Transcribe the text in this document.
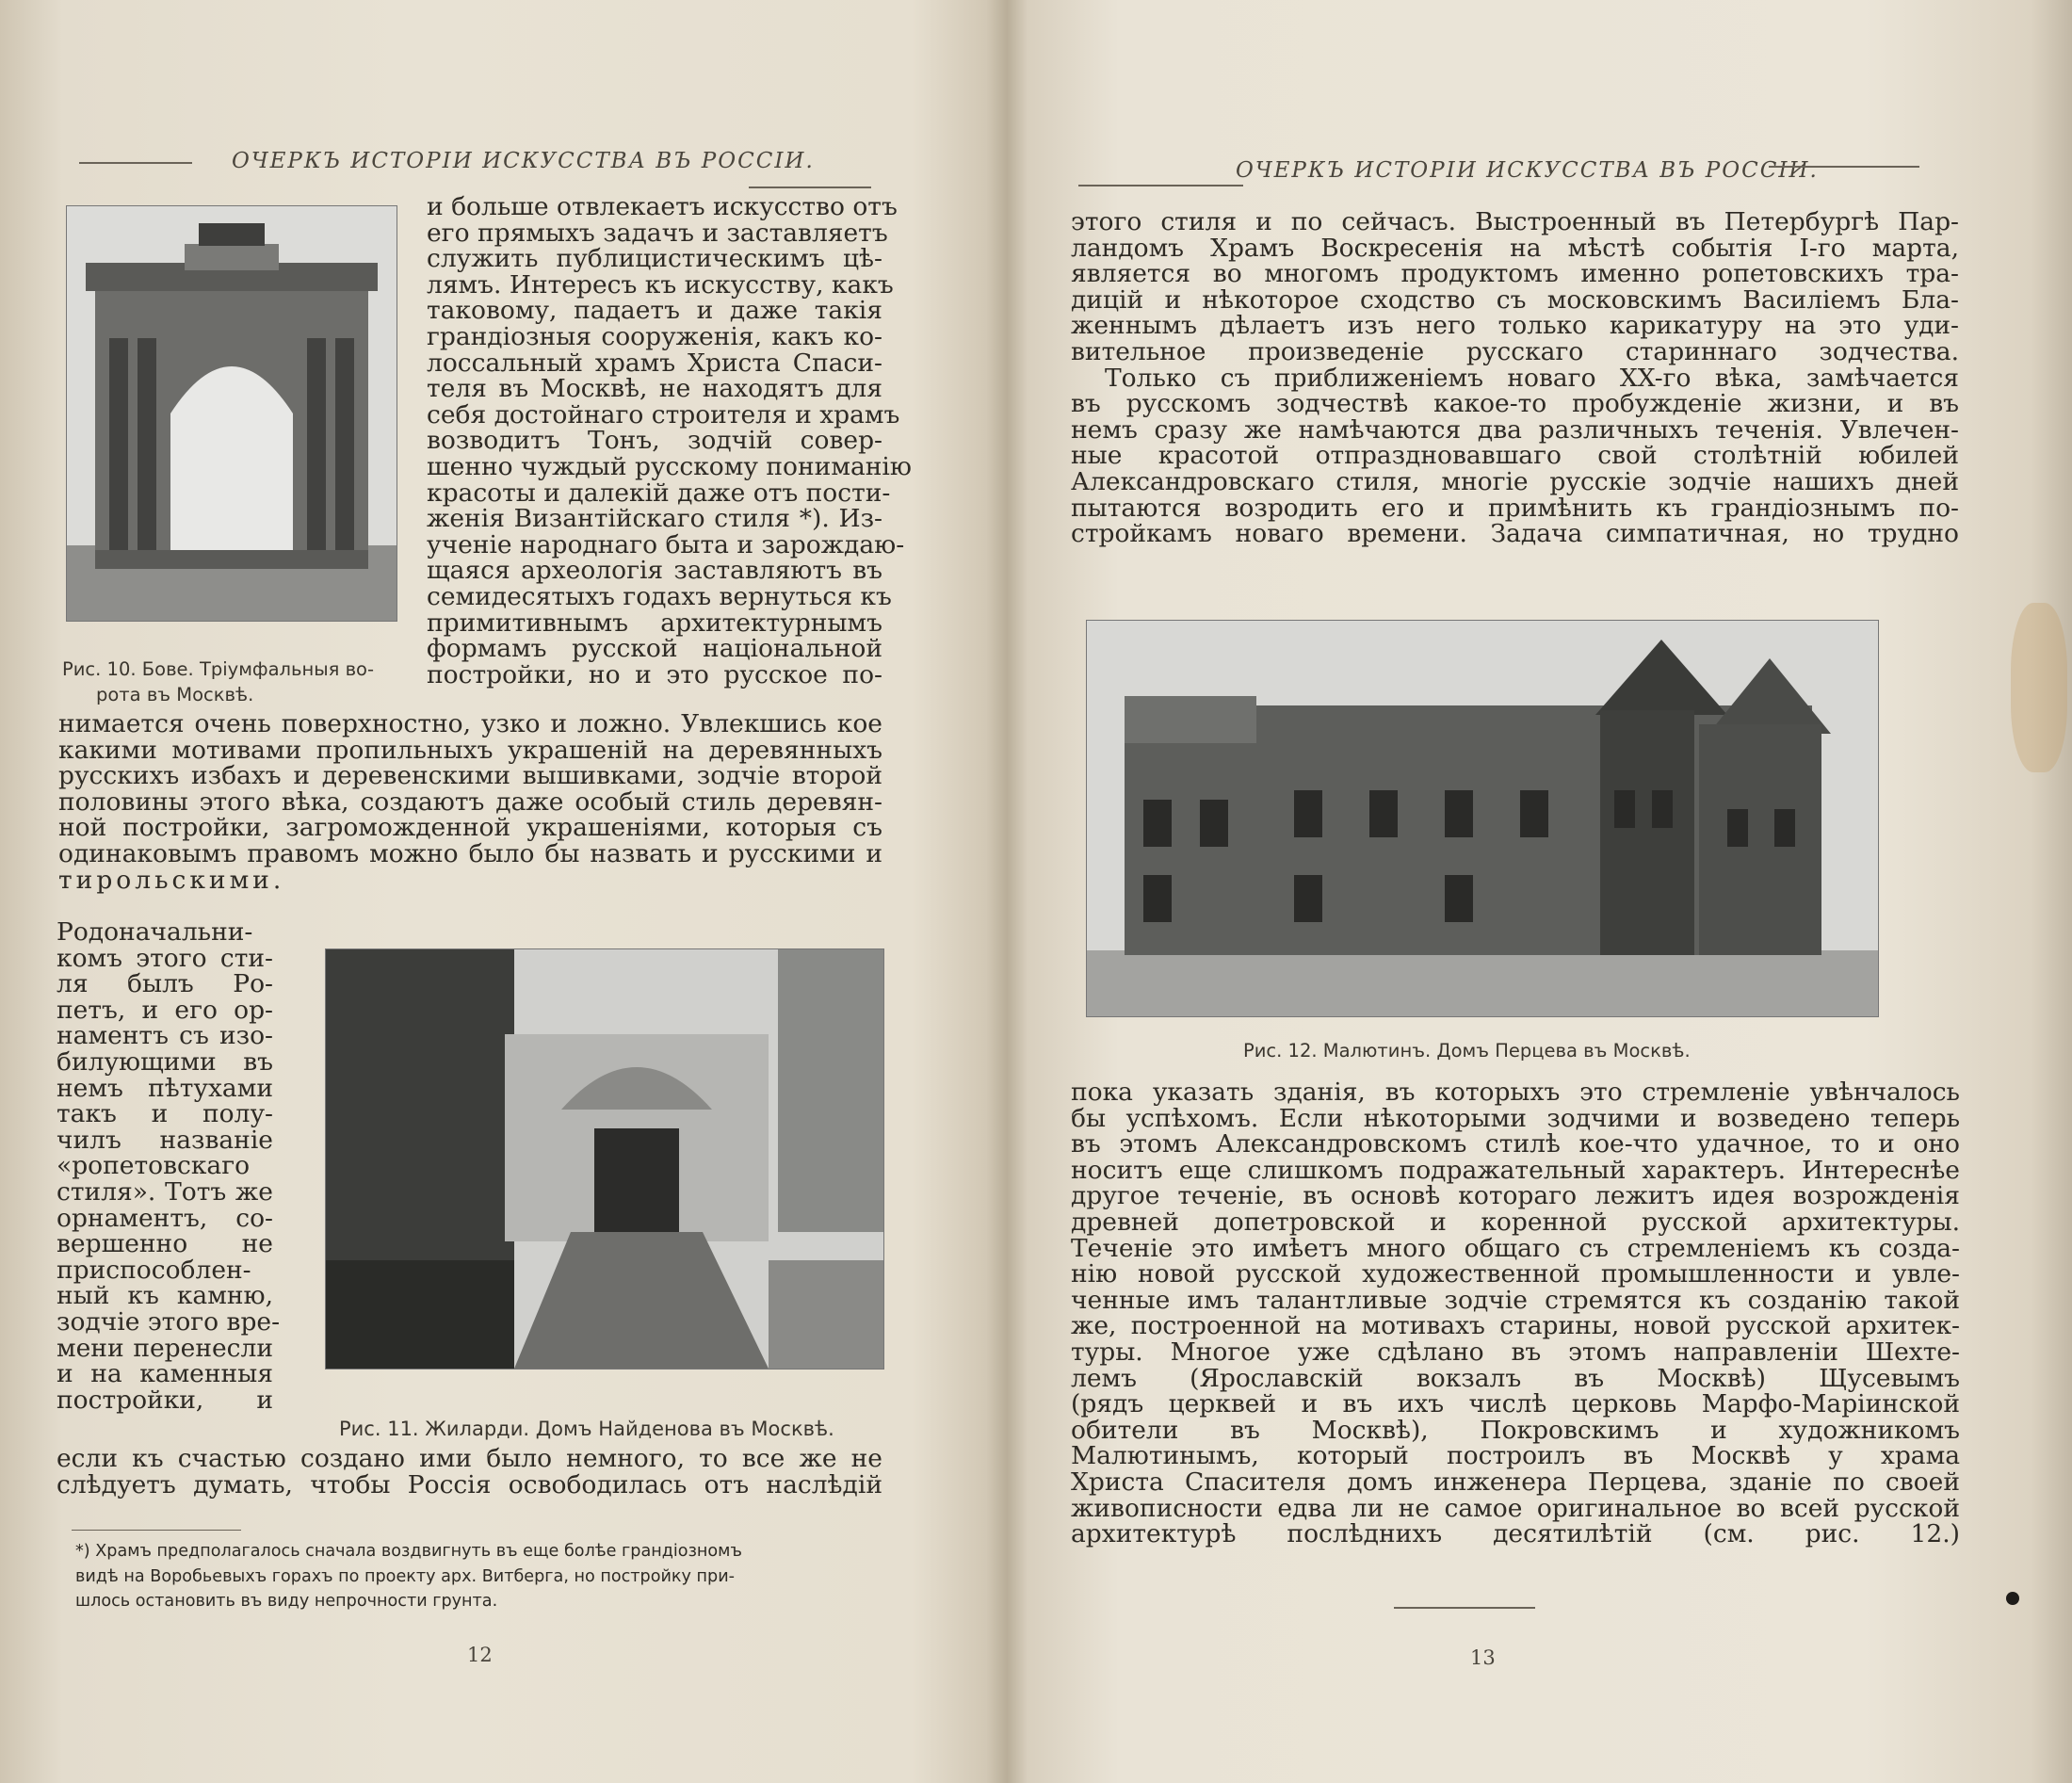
ОЧЕРКЪ ИСТОРІИ ИСКУССТВА ВЪ РОССІИ.
Рис. 10. Бове. Тріумфальныя во-
рота въ Москвѣ.
и больше отвлекаетъ искусство отъ
его прямыхъ задачъ и заставляетъ
служить публицистическимъ цѣ-
лямъ. Интересъ къ искусству, какъ
таковому, падаетъ и даже такія
грандіозныя сооруженія, какъ ко-
лоссальный храмъ Христа Спаси-
теля въ Москвѣ, не находятъ для
себя достойнаго строителя и храмъ
возводитъ Тонъ, зодчій совер-
шенно чуждый русскому пониманію
красоты и далекій даже отъ пости-
женія Византійскаго стиля *). Из-
ученіе народнаго быта и зарождаю-
щаяся археологія заставляютъ въ
семидесятыхъ годахъ вернуться къ
примитивнымъ архитектурнымъ
формамъ русской національной
постройки, но и это русское по-
нимается очень поверхностно, узко и ложно. Увлекшись кое
какими мотивами пропильныхъ украшеній на деревянныхъ
русскихъ избахъ и деревенскими вышивками, зодчіе второй
половины этого вѣка, создаютъ даже особый стиль деревян-
ной постройки, загроможденной украшеніями, которыя съ
одинаковымъ правомъ можно было бы назвать и русскими и
тирольскими.
Родоначальни-
комъ этого сти-
ля былъ Ро-
петъ, и его ор-
наментъ съ изо-
билующими въ
немъ пѣтухами
такъ и полу-
чилъ названіе
«ропетовскаго
стиля». Тотъ же
орнаментъ, со-
вершенно не
приспособлен-
ный къ камню,
зодчіе этого вре-
мени перенесли
и на каменныя
постройки, и
Рис. 11. Жиларди. Домъ Найденова въ Москвѣ.
если къ счастью создано ими было немного, то все же не
слѣдуетъ думать, чтобы Россія освободилась отъ наслѣдій
*) Храмъ предполагалось сначала воздвигнуть въ еще болѣе грандіозномъ
видѣ на Воробьевыхъ горахъ по проекту арх. Витберга, но постройку при-
шлось остановить въ виду непрочности грунта.
12
ОЧЕРКЪ ИСТОРІИ ИСКУССТВА ВЪ РОССІИ.
этого стиля и по сейчасъ. Выстроенный въ Петербургѣ Пар-
ландомъ Храмъ Воскресенія на мѣстѣ событія I-го марта,
является во многомъ продуктомъ именно ропетовскихъ тра-
дицій и нѣкоторое сходство съ московскимъ Василіемъ Бла-
женнымъ дѣлаетъ изъ него только карикатуру на это уди-
вительное произведеніе русскаго стариннаго зодчества.
Только съ приближеніемъ новаго XX-го вѣка, замѣчается
въ русскомъ зодчествѣ какое-то пробужденіе жизни, и въ
немъ сразу же намѣчаются два различныхъ теченія. Увлечен-
ные красотой отпраздновавшаго свой столѣтній юбилей
Александровскаго стиля, многіе русскіе зодчіе нашихъ дней
пытаются возродить его и примѣнить къ грандіознымъ по-
стройкамъ новаго времени. Задача симпатичная, но трудно
Рис. 12. Малютинъ. Домъ Перцева въ Москвѣ.
пока указать зданія, въ которыхъ это стремленіе увѣнчалось
бы успѣхомъ. Если нѣкоторыми зодчими и возведено теперь
въ этомъ Александровскомъ стилѣ кое-что удачное, то и оно
носитъ еще слишкомъ подражательный характеръ. Интереснѣе
другое теченіе, въ основѣ котораго лежитъ идея возрожденія
древней допетровской и коренной русской архитектуры.
Теченіе это имѣетъ много общаго съ стремленіемъ къ созда-
нію новой русской художественной промышленности и увле-
ченные имъ талантливые зодчіе стремятся къ созданію такой
же, построенной на мотивахъ старины, новой русской архитек-
туры. Многое уже сдѣлано въ этомъ направленіи Шехте-
лемъ (Ярославскій вокзалъ въ Москвѣ) Щусевымъ
(рядъ церквей и въ ихъ числѣ церковь Марфо-Маріинской
обители въ Москвѣ), Покровскимъ и художникомъ
Малютинымъ, который построилъ въ Москвѣ у храма
Христа Спасителя домъ инженера Перцева, зданіе по своей
живописности едва ли не самое оригинальное во всей русской
архитектурѣ послѣднихъ десятилѣтій (см. рис. 12.)
13
